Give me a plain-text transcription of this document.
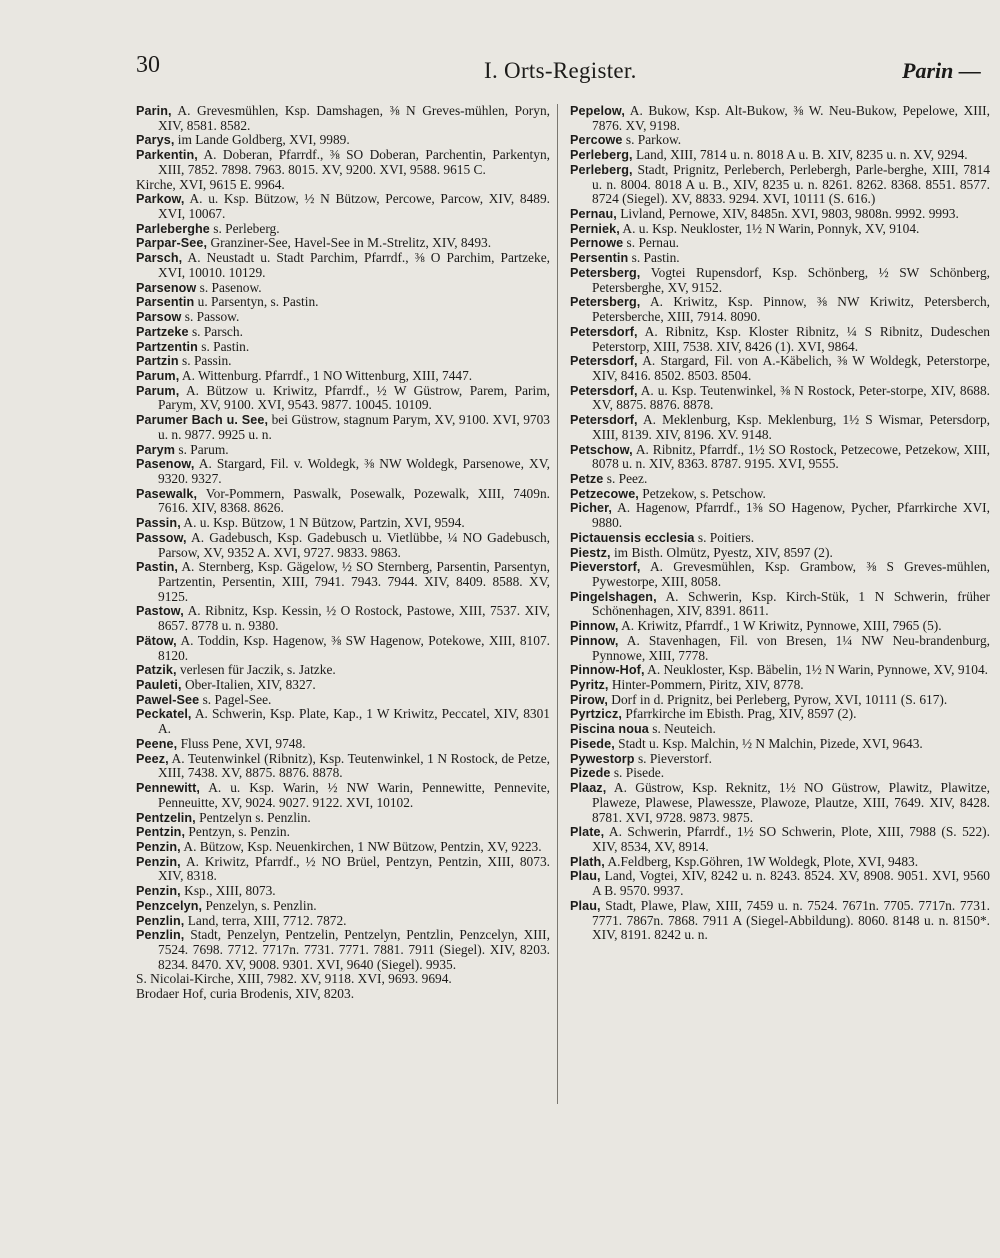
30	I. Orts-Register.	Parin —

Parin, A. Grevesmühlen, Ksp. Damshagen, ⅜ N Greves-mühlen, Poryn, XIV, 8581. 8582.

Parys, im Lande Goldberg, XVI, 9989.

Parkentin, A. Doberan, Pfarrdf., ⅜ SO Doberan, Parchentin, Parkentyn, XIII, 7852. 7898. 7963. 8015. XV, 9200. XVI, 9588. 9615 C.

Kirche, XVI, 9615 E. 9964.

Parkow, A. u. Ksp. Bützow, ½ N Bützow, Percowe, Parcow, XIV, 8489. XVI, 10067.

Parleberghe s. Perleberg.

Parpar-See, Granziner-See, Havel-See in M.-Strelitz, XIV, 8493.

Parsch, A. Neustadt u. Stadt Parchim, Pfarrdf., ⅜ O Parchim, Partzeke, XVI, 10010. 10129.

Parsenow s. Pasenow.

Parsentin u. Parsentyn, s. Pastin.

Parsow s. Passow.

Partzeke s. Parsch.

Partzentin s. Pastin.

Partzin s. Passin.

Parum, A. Wittenburg. Pfarrdf., 1 NO Wittenburg, XIII, 7447.

Parum, A. Bützow u. Kriwitz, Pfarrdf., ½ W Güstrow, Parem, Parim, Parym, XV, 9100. XVI, 9543. 9877. 10045. 10109.

Parumer Bach u. See, bei Güstrow, stagnum Parym, XV, 9100. XVI, 9703 u. n. 9877. 9925 u. n.

Parym s. Parum.

Pasenow, A. Stargard, Fil. v. Woldegk, ⅜ NW Woldegk, Parsenowe, XV, 9320. 9327.

Pasewalk, Vor-Pommern, Paswalk, Posewalk, Pozewalk, XIII, 7409n. 7616. XIV, 8368. 8626.

Passin, A. u. Ksp. Bützow, 1 N Bützow, Partzin, XVI, 9594.

Passow, A. Gadebusch, Ksp. Gadebusch u. Vietlübbe, ¼ NO Gadebusch, Parsow, XV, 9352 A. XVI, 9727. 9833. 9863.

Pastin, A. Sternberg, Ksp. Gägelow, ½ SO Sternberg, Parsentin, Parsentyn, Partzentin, Persentin, XIII, 7941. 7943. 7944. XIV, 8409. 8588. XV, 9125.

Pastow, A. Ribnitz, Ksp. Kessin, ½ O Rostock, Pastowe, XIII, 7537. XIV, 8657. 8778 u. n. 9380.

Pätow, A. Toddin, Ksp. Hagenow, ⅜ SW Hagenow, Potekowe, XIII, 8107. 8120.

Patzik, verlesen für Jaczik, s. Jatzke.

Pauleti, Ober-Italien, XIV, 8327.

Pawel-See s. Pagel-See.

Peckatel, A. Schwerin, Ksp. Plate, Kap., 1 W Kriwitz, Peccatel, XIV, 8301 A.

Peene, Fluss Pene, XVI, 9748.

Peez, A. Teutenwinkel (Ribnitz), Ksp. Teutenwinkel, 1 N Rostock, de Petze, XIII, 7438. XV, 8875. 8876. 8878.

Pennewitt, A. u. Ksp. Warin, ½ NW Warin, Pennewitte, Pennevite, Penneuitte, XV, 9024. 9027. 9122. XVI, 10102.

Pentzelin, Pentzelyn s. Penzlin.

Pentzin, Pentzyn, s. Penzin.

Penzin, A. Bützow, Ksp. Neuenkirchen, 1 NW Bützow, Pentzin, XV, 9223.

Penzin, A. Kriwitz, Pfarrdf., ½ NO Brüel, Pentzyn, Pentzin, XIII, 8073. XIV, 8318.

Penzin, Ksp., XIII, 8073.

Penzcelyn, Penzelyn, s. Penzlin.

Penzlin, Land, terra, XIII, 7712. 7872.

Penzlin, Stadt, Penzelyn, Pentzelin, Pentzelyn, Pentzlin, Penzcelyn, XIII, 7524. 7698. 7712. 7717n. 7731. 7771. 7881. 7911 (Siegel). XIV, 8203. 8234. 8470. XV, 9008. 9301. XVI, 9640 (Siegel). 9935.

S. Nicolai-Kirche, XIII, 7982. XV, 9118. XVI, 9693. 9694.

Brodaer Hof, curia Brodenis, XIV, 8203.

Pepelow, A. Bukow, Ksp. Alt-Bukow, ⅜ W. Neu-Bukow, Pepelowe, XIII, 7876. XV, 9198.

Percowe s. Parkow.

Perleberg, Land, XIII, 7814 u. n. 8018 A u. B. XIV, 8235 u. n. XV, 9294.

Perleberg, Stadt, Prignitz, Perleberch, Perlebergh, Parle-berghe, XIII, 7814 u. n. 8004. 8018 A u. B., XIV, 8235 u. n. 8261. 8262. 8368. 8551. 8577. 8724 (Siegel). XV, 8833. 9294. XVI, 10111 (S. 616.)

Pernau, Livland, Pernowe, XIV, 8485n. XVI, 9803, 9808n. 9992. 9993.

Perniek, A. u. Ksp. Neukloster, 1½ N Warin, Ponnyk, XV, 9104.

Pernowe s. Pernau.

Persentin s. Pastin.

Petersberg, Vogtei Rupensdorf, Ksp. Schönberg, ½ SW Schönberg, Petersberghe, XV, 9152.

Petersberg, A. Kriwitz, Ksp. Pinnow, ⅜ NW Kriwitz, Petersberch, Petersberche, XIII, 7914. 8090.

Petersdorf, A. Ribnitz, Ksp. Kloster Ribnitz, ¼ S Ribnitz, Dudeschen Peterstorp, XIII, 7538. XIV, 8426 (1). XVI, 9864.

Petersdorf, A. Stargard, Fil. von A.-Käbelich, ⅜ W Woldegk, Peterstorpe, XIV, 8416. 8502. 8503. 8504.

Petersdorf, A. u. Ksp. Teutenwinkel, ⅜ N Rostock, Peter-storpe, XIV, 8688. XV, 8875. 8876. 8878.

Petersdorf, A. Meklenburg, Ksp. Meklenburg, 1½ S Wismar, Petersdorp, XIII, 8139. XIV, 8196. XV. 9148.

Petschow, A. Ribnitz, Pfarrdf., 1½ SO Rostock, Petzecowe, Petzekow, XIII, 8078 u. n. XIV, 8363. 8787. 9195. XVI, 9555.

Petze s. Peez.

Petzecowe, Petzekow, s. Petschow.

Picher, A. Hagenow, Pfarrdf., 1⅜ SO Hagenow, Pycher, Pfarrkirche XVI, 9880.

Pictauensis ecclesia s. Poitiers.

Piestz, im Bisth. Olmütz, Pyestz, XIV, 8597 (2).

Pieverstorf, A. Grevesmühlen, Ksp. Grambow, ⅜ S Greves-mühlen, Pywestorpe, XIII, 8058.

Pingelshagen, A. Schwerin, Ksp. Kirch-Stük, 1 N Schwerin, früher Schönenhagen, XIV, 8391. 8611.

Pinnow, A. Kriwitz, Pfarrdf., 1 W Kriwitz, Pynnowe, XIII, 7965 (5).

Pinnow, A. Stavenhagen, Fil. von Bresen, 1¼ NW Neu-brandenburg, Pynnowe, XIII, 7778.

Pinnow-Hof, A. Neukloster, Ksp. Bäbelin, 1½ N Warin, Pynnowe, XV, 9104.

Pyritz, Hinter-Pommern, Piritz, XIV, 8778.

Pirow, Dorf in d. Prignitz, bei Perleberg, Pyrow, XVI, 10111 (S. 617).

Pyrtzicz, Pfarrkirche im Ebisth. Prag, XIV, 8597 (2).

Piscina noua s. Neuteich.

Pisede, Stadt u. Ksp. Malchin, ½ N Malchin, Pizede, XVI, 9643.

Pywestorp s. Pieverstorf.

Pizede s. Pisede.

Plaaz, A. Güstrow, Ksp. Reknitz, 1½ NO Güstrow, Plawitz, Plawitze, Plaweze, Plawese, Plawessze, Plawoze, Plautze, XIII, 7649. XIV, 8428. 8781. XVI, 9728. 9873. 9875.

Plate, A. Schwerin, Pfarrdf., 1½ SO Schwerin, Plote, XIII, 7988 (S. 522). XIV, 8534, XV, 8914.

Plath, A.Feldberg, Ksp.Göhren, 1W Woldegk, Plote, XVI, 9483.

Plau, Land, Vogtei, XIV, 8242 u. n. 8243. 8524. XV, 8908. 9051. XVI, 9560 A B. 9570. 9937.

Plau, Stadt, Plawe, Plaw, XIII, 7459 u. n. 7524. 7671n. 7705. 7717n. 7731. 7771. 7867n. 7868. 7911 A (Siegel-Abbildung). 8060. 8148 u. n. 8150*. XIV, 8191. 8242 u. n.
